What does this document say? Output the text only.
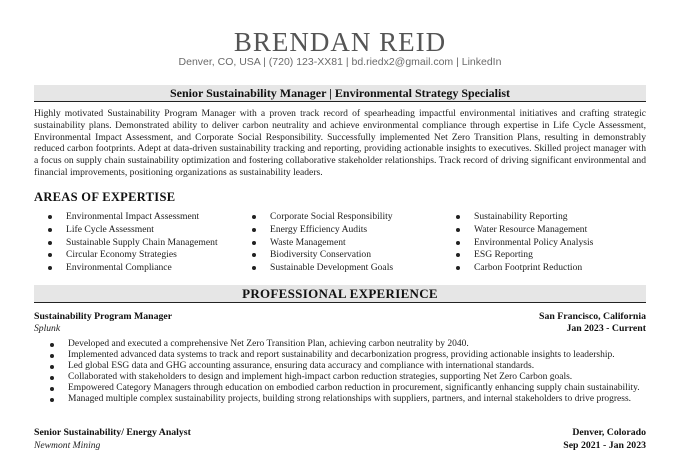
BRENDAN REID
Denver, CO, USA | (720) 123-XX81 | bd.riedx2@gmail.com | LinkedIn
Senior Sustainability Manager | Environmental Strategy Specialist
Highly motivated Sustainability Program Manager with a proven track record of spearheading impactful environmental initiatives and crafting strategic sustainability plans. Demonstrated ability to deliver carbon neutrality and achieve environmental compliance through expertise in Life Cycle Assessment, Environmental Impact Assessment, and Corporate Social Responsibility. Successfully implemented Net Zero Transition Plans, resulting in demonstrably reduced carbon footprints. Adept at data-driven sustainability tracking and reporting, providing actionable insights to executives. Skilled project manager with a focus on supply chain sustainability optimization and fostering collaborative stakeholder relationships. Track record of driving significant environmental and financial improvements, positioning organizations as sustainability leaders.
AREAS OF EXPERTISE
Environmental Impact Assessment
Life Cycle Assessment
Sustainable Supply Chain Management
Circular Economy Strategies
Environmental Compliance
Corporate Social Responsibility
Energy Efficiency Audits
Waste Management
Biodiversity Conservation
Sustainable Development Goals
Sustainability Reporting
Water Resource Management
Environmental Policy Analysis
ESG Reporting
Carbon Footprint Reduction
PROFESSIONAL EXPERIENCE
Sustainability Program Manager	San Francisco, California
Splunk	Jan 2023 - Current
Developed and executed a comprehensive Net Zero Transition Plan, achieving carbon neutrality by 2040.
Implemented advanced data systems to track and report sustainability and decarbonization progress, providing actionable insights to leadership.
Led global ESG data and GHG accounting assurance, ensuring data accuracy and compliance with international standards.
Collaborated with stakeholders to design and implement high-impact carbon reduction strategies, supporting Net Zero Carbon goals.
Empowered Category Managers through education on embodied carbon reduction in procurement, significantly enhancing supply chain sustainability.
Managed multiple complex sustainability projects, building strong relationships with suppliers, partners, and internal stakeholders to drive progress.
Senior Sustainability/ Energy Analyst	Denver, Colorado
Newmont Mining	Sep 2021 - Jan 2023
